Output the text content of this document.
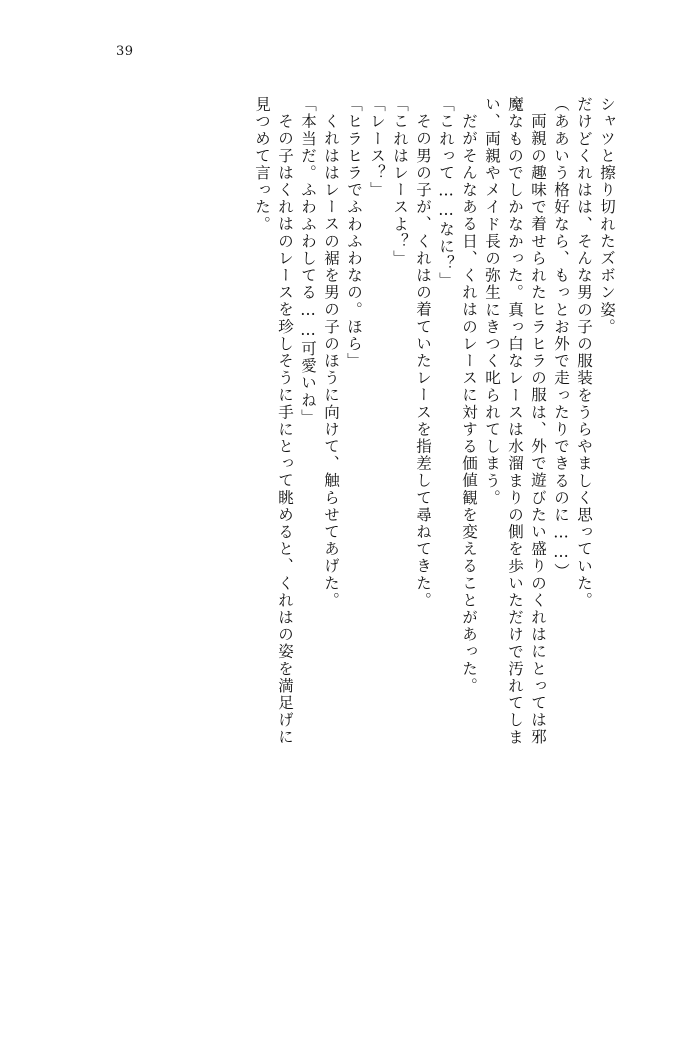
39
シャツと擦り切れたズボン姿。
だけどくれはは、そんな男の子の服装をうらやましく思っていた。
（ああいう格好なら、もっとお外で走ったりできるのに……）
両親の趣味で着せられたヒラヒラの服は、外で遊びたい盛りのくれはにとっては邪
魔なものでしかなかった。真っ白なレースは水溜まりの側を歩いただけで汚れてしま
い、両親やメイド長の弥生にきつく叱られてしまう。
だがそんなある日、くれはのレースに対する価値観を変えることがあった。
「これって……なに？」
その男の子が、くれはの着ていたレースを指差して尋ねてきた。
「これはレースよ？」
「レース？」
「ヒラヒラでふわふわなの。ほら」
くれははレースの裾を男の子のほうに向けて、触らせてあげた。
「本当だ。ふわふわしてる……可愛いね」
その子はくれはのレースを珍しそうに手にとって眺めると、くれはの姿を満足げに
見つめて言った。
